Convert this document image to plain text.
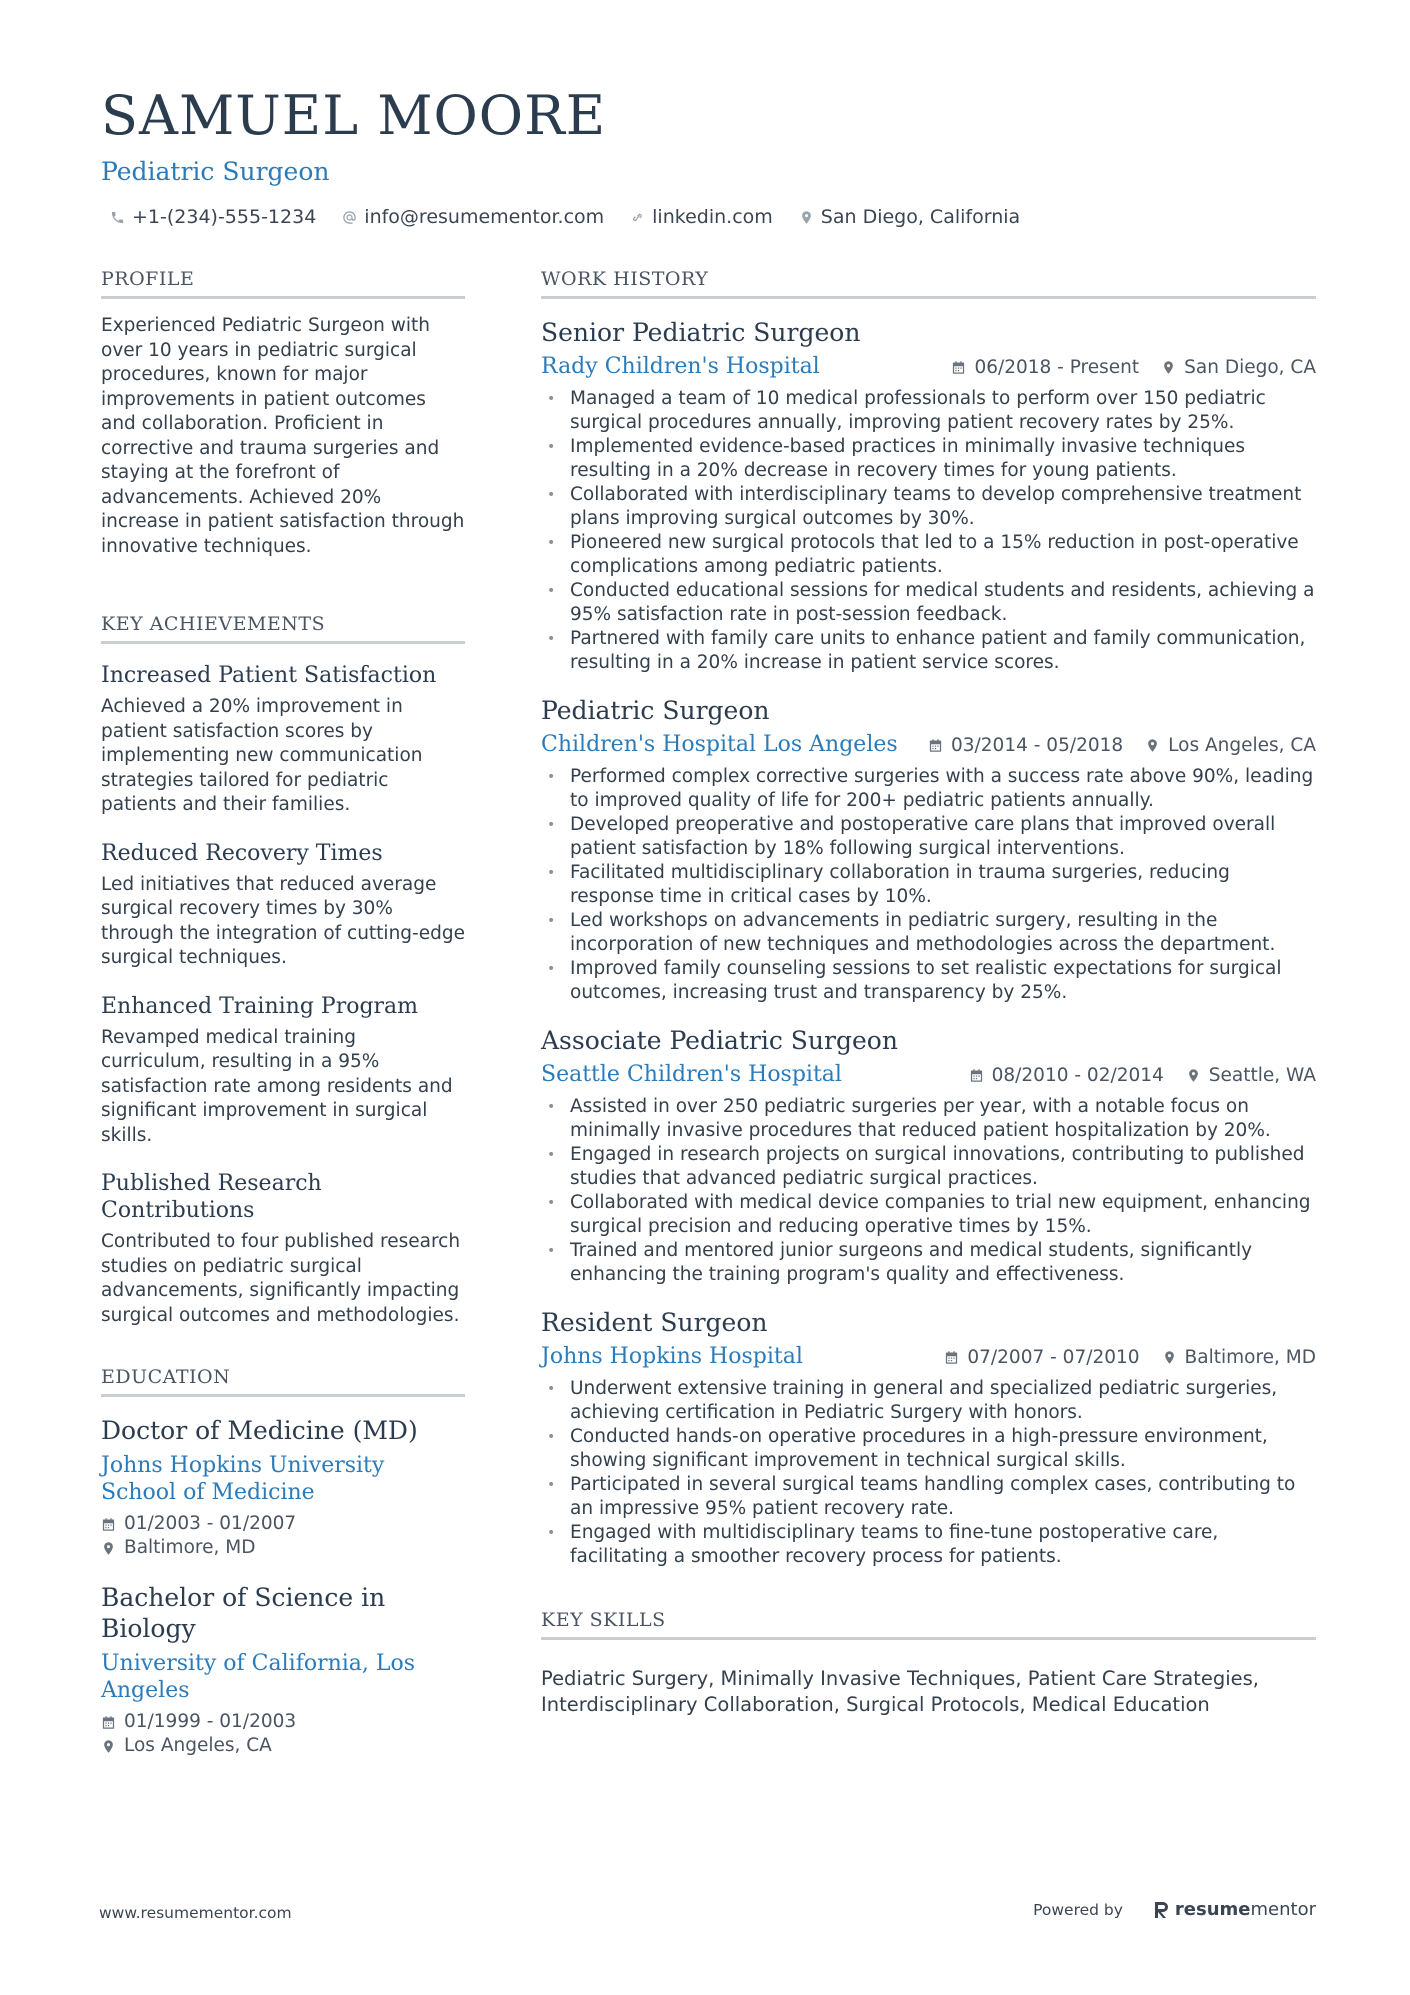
SAMUEL MOORE
Pediatric Surgeon
+1-(234)-555-1234	info@resumementor.com	linkedin.com	San Diego, California
PROFILE

Experienced Pediatric Surgeon with over 10 years in pediatric surgical procedures, known for major improvements in patient outcomes and collaboration. Proficient in corrective and trauma surgeries and staying at the forefront of advancements. Achieved 20% increase in patient satisfaction through innovative techniques.

KEY ACHIEVEMENTS
Increased Patient Satisfaction

Achieved a 20% improvement in patient satisfaction scores by implementing new communication strategies tailored for pediatric patients and their families.

Reduced Recovery Times

Led initiatives that reduced average surgical recovery times by 30% through the integration of cutting-edge surgical techniques.

Enhanced Training Program

Revamped medical training curriculum, resulting in a 95% satisfaction rate among residents and significant improvement in surgical skills.

Published Research Contributions

Contributed to four published research studies on pediatric surgical advancements, significantly impacting surgical outcomes and methodologies.

EDUCATION
Doctor of Medicine (MD)
Johns Hopkins University School of Medicine
01/2003 - 01/2007
Baltimore, MD
Bachelor of Science in Biology
University of California, Los Angeles
01/1999 - 01/2003
Los Angeles, CA
WORK HISTORY
Senior Pediatric Surgeon
Rady Children's Hospital	06/2018 - Present San Diego, CA
• Managed a team of 10 medical professionals to perform over 150 pediatric surgical procedures annually, improving patient recovery rates by 25%.
• Implemented evidence-based practices in minimally invasive techniques resulting in a 20% decrease in recovery times for young patients.
• Collaborated with interdisciplinary teams to develop comprehensive treatment plans improving surgical outcomes by 30%.
• Pioneered new surgical protocols that led to a 15% reduction in post-operative complications among pediatric patients.
• Conducted educational sessions for medical students and residents, achieving a 95% satisfaction rate in post-session feedback.
• Partnered with family care units to enhance patient and family communication, resulting in a 20% increase in patient service scores.
Pediatric Surgeon
Children's Hospital Los Angeles	03/2014 - 05/2018 Los Angeles, CA
• Performed complex corrective surgeries with a success rate above 90%, leading to improved quality of life for 200+ pediatric patients annually.
• Developed preoperative and postoperative care plans that improved overall patient satisfaction by 18% following surgical interventions.
• Facilitated multidisciplinary collaboration in trauma surgeries, reducing response time in critical cases by 10%.
• Led workshops on advancements in pediatric surgery, resulting in the incorporation of new techniques and methodologies across the department.
• Improved family counseling sessions to set realistic expectations for surgical outcomes, increasing trust and transparency by 25%.
Associate Pediatric Surgeon
Seattle Children's Hospital	08/2010 - 02/2014 Seattle, WA
• Assisted in over 250 pediatric surgeries per year, with a notable focus on minimally invasive procedures that reduced patient hospitalization by 20%.
• Engaged in research projects on surgical innovations, contributing to published studies that advanced pediatric surgical practices.
• Collaborated with medical device companies to trial new equipment, enhancing surgical precision and reducing operative times by 15%.
• Trained and mentored junior surgeons and medical students, significantly enhancing the training program's quality and effectiveness.
Resident Surgeon
Johns Hopkins Hospital	07/2007 - 07/2010 Baltimore, MD
• Underwent extensive training in general and specialized pediatric surgeries, achieving certification in Pediatric Surgery with honors.
• Conducted hands-on operative procedures in a high-pressure environment, showing significant improvement in technical surgical skills.
• Participated in several surgical teams handling complex cases, contributing to an impressive 95% patient recovery rate.
• Engaged with multidisciplinary teams to fine-tune postoperative care, facilitating a smoother recovery process for patients.
KEY SKILLS

Pediatric Surgery, Minimally Invasive Techniques, Patient Care Strategies, Interdisciplinary Collaboration, Surgical Protocols, Medical Education

www.resumementor.com	Powered by	resumementor
